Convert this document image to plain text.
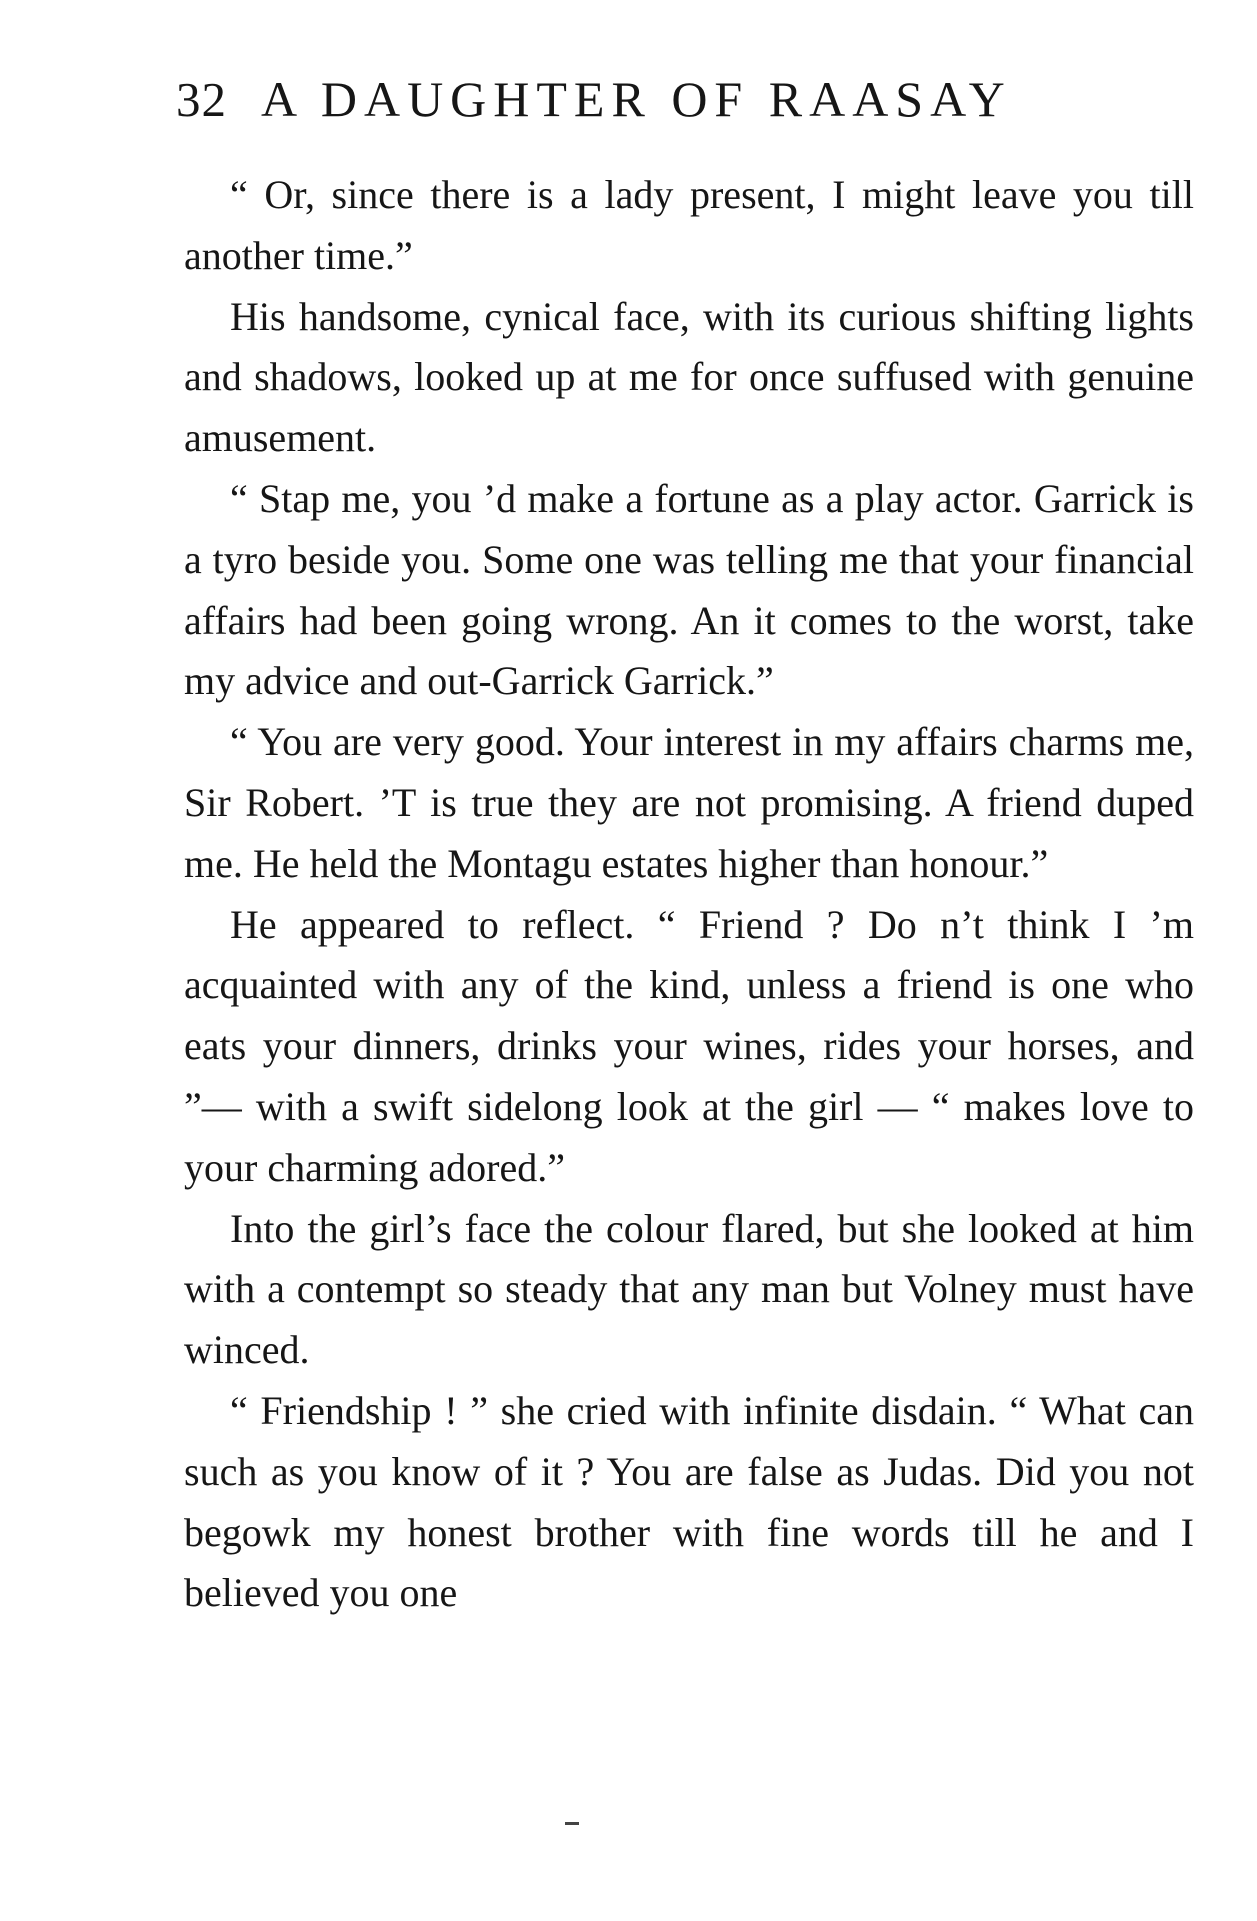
32 A DAUGHTER OF RAASAY

“ Or, since there is a lady present, I might leave you till another time.”

His handsome, cynical face, with its curious shifting lights and shadows, looked up at me for once suffused with genuine amusement.

“ Stap me, you ’d make a fortune as a play actor. Garrick is a tyro beside you. Some one was telling me that your financial affairs had been going wrong. An it comes to the worst, take my advice and out-Garrick Garrick.”

“ You are very good. Your interest in my affairs charms me, Sir Robert. ’T is true they are not promising. A friend duped me. He held the Montagu estates higher than honour.”

He appeared to reflect. “ Friend ? Do n’t think I ’m acquainted with any of the kind, unless a friend is one who eats your dinners, drinks your wines, rides your horses, and ”— with a swift sidelong look at the girl — “ makes love to your charming adored.”

Into the girl’s face the colour flared, but she looked at him with a contempt so steady that any man but Volney must have winced.

“ Friendship ! ” she cried with infinite disdain. “ What can such as you know of it ? You are false as Judas. Did you not begowk my honest brother with fine words till he and I believed you one
